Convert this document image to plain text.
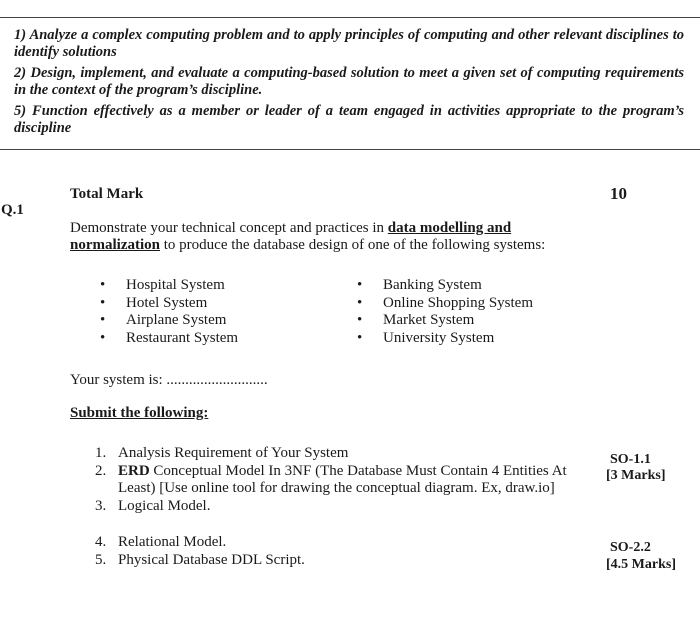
1) Analyze a complex computing problem and to apply principles of computing and other relevant disciplines to identify solutions
2) Design, implement, and evaluate a computing-based solution to meet a given set of computing requirements in the context of the program’s discipline.
5) Function effectively as a member or leader of a team engaged in activities appropriate to the program’s discipline
Q.1
Total Mark	10
Demonstrate your technical concept and practices in data modelling and normalization to produce the database design of one of the following systems:
• Hospital System
• Hotel System
• Airplane System
• Restaurant System
• Banking System
• Online Shopping System
• Market System
• University System
Your system is: ...........................
Submit the following:
1. Analysis Requirement of Your System
2. ERD Conceptual Model In 3NF (The Database Must Contain 4 Entities At Least) [Use online tool for drawing the conceptual diagram. Ex, draw.io]
3. Logical Model.
SO-1.1
[3 Marks]
4. Relational Model.
5. Physical Database DDL Script.
SO-2.2
[4.5 Marks]
